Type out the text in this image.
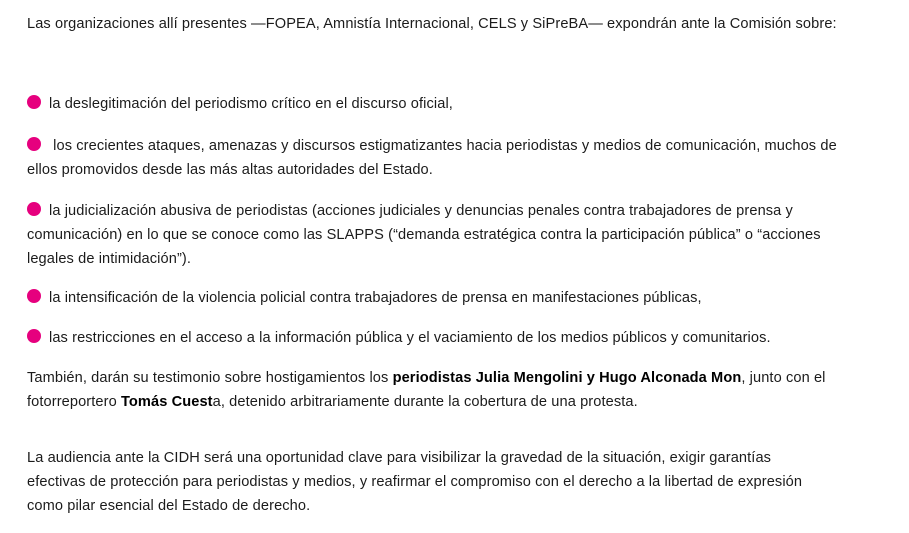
Las organizaciones allí presentes —FOPEA, Amnistía Internacional, CELS y SiPreBA— expondrán ante la Comisión sobre:

la deslegitimación del periodismo crítico en el discurso oficial,
los crecientes ataques, amenazas y discursos estigmatizantes hacia periodistas y medios de comunicación, muchos de ellos promovidos desde las más altas autoridades del Estado.
la judicialización abusiva de periodistas (acciones judiciales y denuncias penales contra trabajadores de prensa y comunicación) en lo que se conoce como las SLAPPS (“demanda estratégica contra la participación pública” o “acciones legales de intimidación”).
la intensificación de la violencia policial contra trabajadores de prensa en manifestaciones públicas,
las restricciones en el acceso a la información pública y el vaciamiento de los medios públicos y comunitarios.

También, darán su testimonio sobre hostigamientos los periodistas Julia Mengolini y Hugo Alconada Mon, junto con el fotorreportero Tomás Cuesta, detenido arbitrariamente durante la cobertura de una protesta.

La audiencia ante la CIDH será una oportunidad clave para visibilizar la gravedad de la situación, exigir garantías efectivas de protección para periodistas y medios, y reafirmar el compromiso con el derecho a la libertad de expresión como pilar esencial del Estado de derecho.
